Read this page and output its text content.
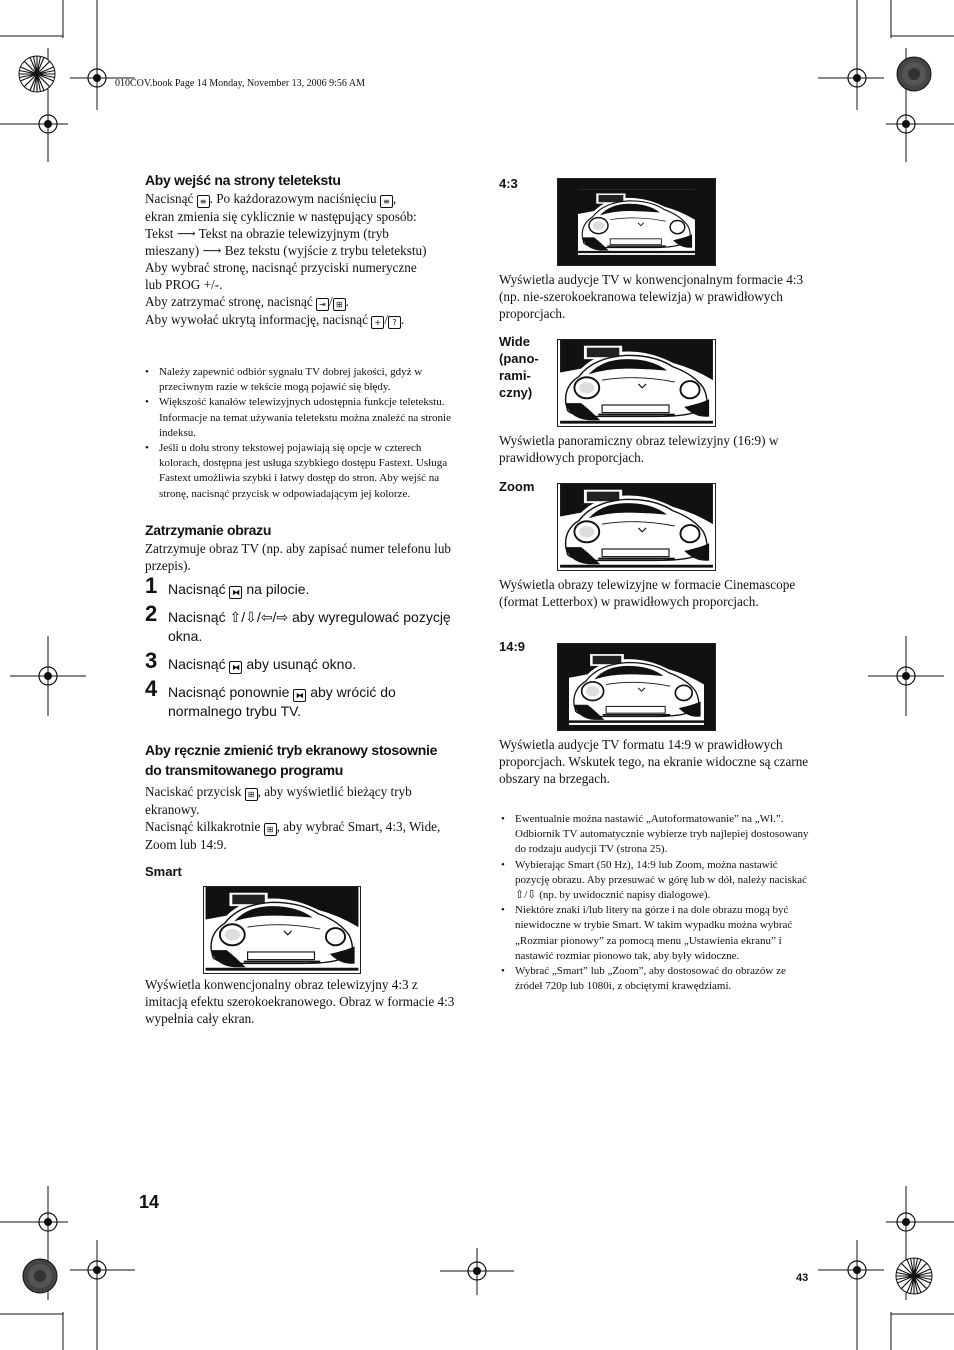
010COV.book Page 14 Monday, November 13, 2006 9:56 AM
Aby wejść na strony teletekstu
Nacisnąć ≡ . Po każdorazowym naciśnięciu ≡ ,
ekran zmienia się cyklicznie w następujący sposób:
Tekst ⟶ Tekst na obrazie telewizyjnym (tryb
mieszany) ⟶ Bez tekstu (wyjście z trybu teletekstu)
Aby wybrać stronę, nacisnąć przyciski numeryczne
lub PROG +/-.
Aby zatrzymać stronę, nacisnąć ⇥ / ⊞ .
Aby wywołać ukrytą informację, nacisnąć + / ? .
• Należy zapewnić odbiór sygnału TV dobrej jakości, gdyż w przeciwnym razie w tekście mogą pojawić się błędy.
• Większość kanałów telewizyjnych udostępnia funkcje teletekstu. Informacje na temat używania teletekstu można znaleźć na stronie indeksu.
• Jeśli u dołu strony tekstowej pojawiają się opcje w czterech kolorach, dostępna jest usługa szybkiego dostępu Fastext. Usługa Fastext umożliwia szybki i łatwy dostęp do stron. Aby wejść na stronę, nacisnąć przycisk w odpowiadającym jej kolorze.
Zatrzymanie obrazu
Zatrzymuje obraz TV (np. aby zapisać numer telefonu lub przepis).
1 Nacisnąć ⧓ na pilocie.
2 Nacisnąć ⇧/⇩/⇦/⇨ aby wyregulować pozycję okna.
3 Nacisnąć ⧓ aby usunąć okno.
4 Nacisnąć ponownie ⧓ aby wrócić do normalnego trybu TV.
Aby ręcznie zmienić tryb ekranowy stosownie do transmitowanego programu
Naciskać przycisk ⊞ , aby wyświetlić bieżący tryb ekranowy.
Nacisnąć kilkakrotnie ⊞ , aby wybrać Smart, 4:3, Wide, Zoom lub 14:9.
Smart
Wyświetla konwencjonalny obraz telewizyjny 4:3 z imitacją efektu szerokoekranowego. Obraz w formacie 4:3 wypełnia cały ekran.
4:3
Wyświetla audycje TV w konwencjonalnym formacie 4:3 (np. nie-szerokoekranowa telewizja) w prawidłowych proporcjach.
Wide (pano- rami- czny)
Wyświetla panoramiczny obraz telewizyjny (16:9) w prawidłowych proporcjach.
Zoom
Wyświetla obrazy telewizyjne w formacie Cinemascope (format Letterbox) w prawidłowych proporcjach.
14:9
Wyświetla audycje TV formatu 14:9 w prawidłowych proporcjach. Wskutek tego, na ekranie widoczne są czarne obszary na brzegach.
• Ewentualnie można nastawić „Autoformatowanie” na „Wł.”. Odbiornik TV automatycznie wybierze tryb najlepiej dostosowany do rodzaju audycji TV (strona 25).
• Wybierając Smart (50 Hz), 14:9 lub Zoom, można nastawić pozycję obrazu. Aby przesuwać w górę lub w dół, należy naciskać ⇧/⇩ (np. by uwidocznić napisy dialogowe).
• Niektóre znaki i/lub litery na górze i na dole obrazu mogą być niewidoczne w trybie Smart. W takim wypadku można wybrać „Rozmiar pionowy” za pomocą menu „Ustawienia ekranu” i nastawić rozmiar pionowo tak, aby były widoczne.
• Wybrać „Smart” lub „Zoom”, aby dostosować do obrazów ze źródeł 720p lub 1080i, z obciętymi krawędziami.
14
43
